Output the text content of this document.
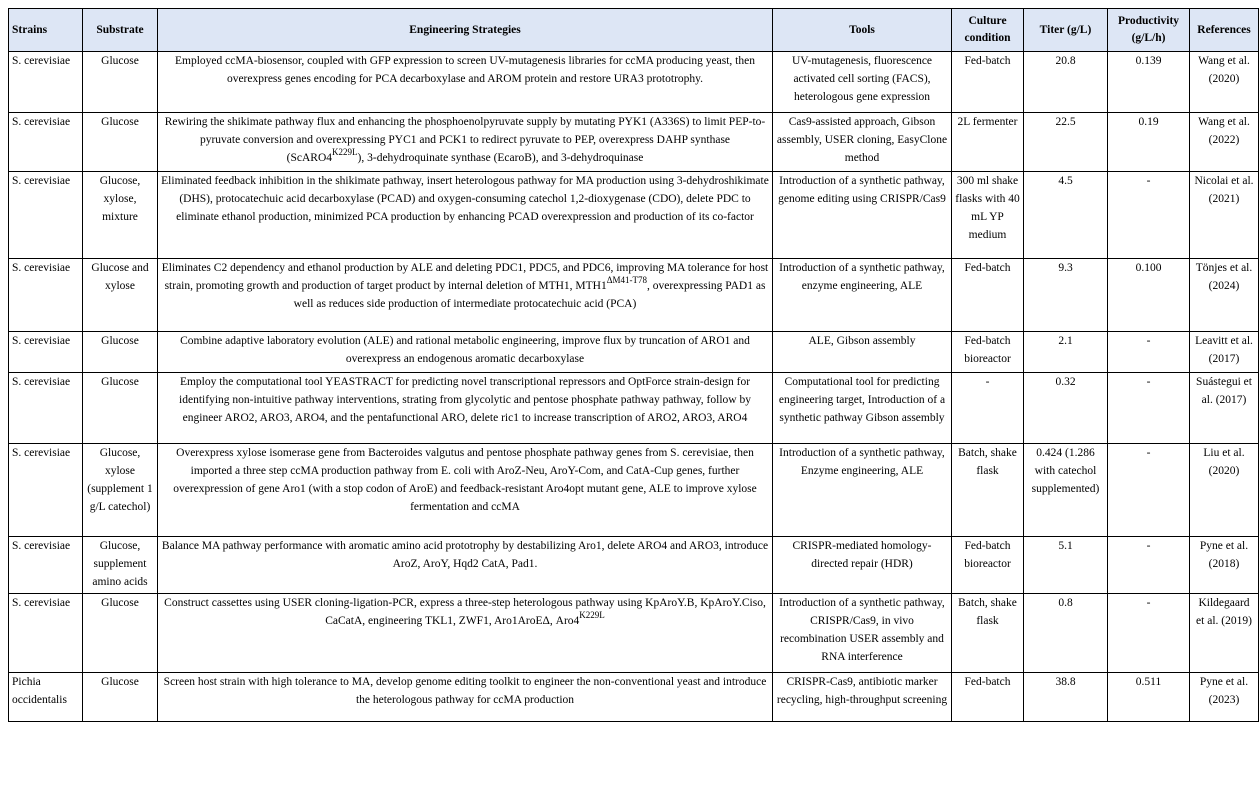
Strains	Substrate	Engineering Strategies	Tools	Culture condition	Titer (g/L)	Productivity (g/L/h)	References
S. cerevisiae	Glucose	Employed ccMA-biosensor, coupled with GFP expression to screen UV-mutagenesis libraries for ccMA producing yeast, then overexpress genes encoding for PCA decarboxylase and AROM protein and restore URA3 prototrophy.	UV-mutagenesis, fluorescence activated cell sorting (FACS), heterologous gene expression	Fed-batch	20.8	0.139	Wang et al. (2020)
S. cerevisiae	Glucose	Rewiring the shikimate pathway flux and enhancing the phosphoenolpyruvate supply by mutating PYK1 (A336S) to limit PEP-to-pyruvate conversion and overexpressing PYC1 and PCK1 to redirect pyruvate to PEP, overexpress DAHP synthase $(ScARO4^{K229L})$, 3-dehydroquinate synthase (EcaroB), and 3-dehydroquinase	Cas9-assisted approach, Gibson assembly, USER cloning, EasyClone method	2L fermenter	22.5	0.19	Wang et al. (2022)
S. cerevisiae	Glucose, xylose, mixture	Eliminated feedback inhibition in the shikimate pathway, insert heterologous pathway for MA production using 3-dehydroshikimate (DHS), protocatechuic acid decarboxylase (PCAD) and oxygen-consuming catechol 1,2-dioxygenase (CDO), delete PDC to eliminate ethanol production, minimized PCA production by enhancing PCAD overexpression and production of its co-factor	Introduction of a synthetic pathway, genome editing using CRISPR/Cas9	300 ml shake flasks with 40 mL YP medium	4.5	-	Nicolai et al. (2021)
S. cerevisiae	Glucose and xylose	Eliminates C2 dependency and ethanol production by ALE and deleting PDC1, PDC5, and PDC6, improving MA tolerance for host strain, promoting growth and production of target product by internal deletion of MTH1, $MTH1^{\Delta M41-T78}$, overexpressing PAD1 as well as reduces side production of intermediate protocatechuic acid (PCA)	Introduction of a synthetic pathway, enzyme engineering, ALE	Fed-batch	9.3	0.100	Tönjes et al. (2024)
S. cerevisiae	Glucose	Combine adaptive laboratory evolution (ALE) and rational metabolic engineering, improve flux by truncation of ARO1 and overexpress an endogenous aromatic decarboxylase	ALE, Gibson assembly	Fed-batch bioreactor	2.1	-	Leavitt et al. (2017)
S. cerevisiae	Glucose	Employ the computational tool YEASTRACT for predicting novel transcriptional repressors and OptForce strain-design for identifying non-intuitive pathway interventions, strating from glycolytic and pentose phosphate pathway pathway, follow by engineer ARO2, ARO3, ARO4, and the pentafunctional ARO, delete ric1 to increase transcription of ARO2, ARO3, ARO4	Computational tool for predicting engineering target, Introduction of a synthetic pathway Gibson assembly	-	0.32	-	Suástegui et al. (2017)
S. cerevisiae	Glucose, xylose (supplement 1 g/L catechol)	Overexpress xylose isomerase gene from Bacteroides valgutus and pentose phosphate pathway genes from S. cerevisiae, then imported a three step ccMA production pathway from E. coli with AroZ-Neu, AroY-Com, and CatA-Cup genes, further overexpression of gene Aro1 (with a stop codon of AroE) and feedback-resistant Aro4opt mutant gene, ALE to improve xylose fermentation and ccMA	Introduction of a synthetic pathway, Enzyme engineering, ALE	Batch, shake flask	0.424 (1.286 with catechol supplemented)	-	Liu et al. (2020)
S. cerevisiae	Glucose, supplement amino acids	Balance MA pathway performance with aromatic amino acid prototrophy by destabilizing Aro1, delete ARO4 and ARO3, introduce AroZ, AroY, Hqd2 CatA, Pad1.	CRISPR-mediated homology-directed repair (HDR)	Fed-batch bioreactor	5.1	-	Pyne et al. (2018)
S. cerevisiae	Glucose	Construct cassettes using USER cloning-ligation-PCR, express a three-step heterologous pathway using KpAroY.B, KpAroY.Ciso, CaCatA, engineering TKL1, ZWF1, Aro1AroEΔ, $Aro4^{K229L}$	Introduction of a synthetic pathway, CRISPR/Cas9, in vivo recombination USER assembly and RNA interference	Batch, shake flask	0.8	-	Kildegaard et al. (2019)
Pichia occidentalis	Glucose	Screen host strain with high tolerance to MA, develop genome editing toolkit to engineer the non-conventional yeast and introduce the heterologous pathway for ccMA production	CRISPR-Cas9, antibiotic marker recycling, high-throughput screening	Fed-batch	38.8	0.511	Pyne et al. (2023)
